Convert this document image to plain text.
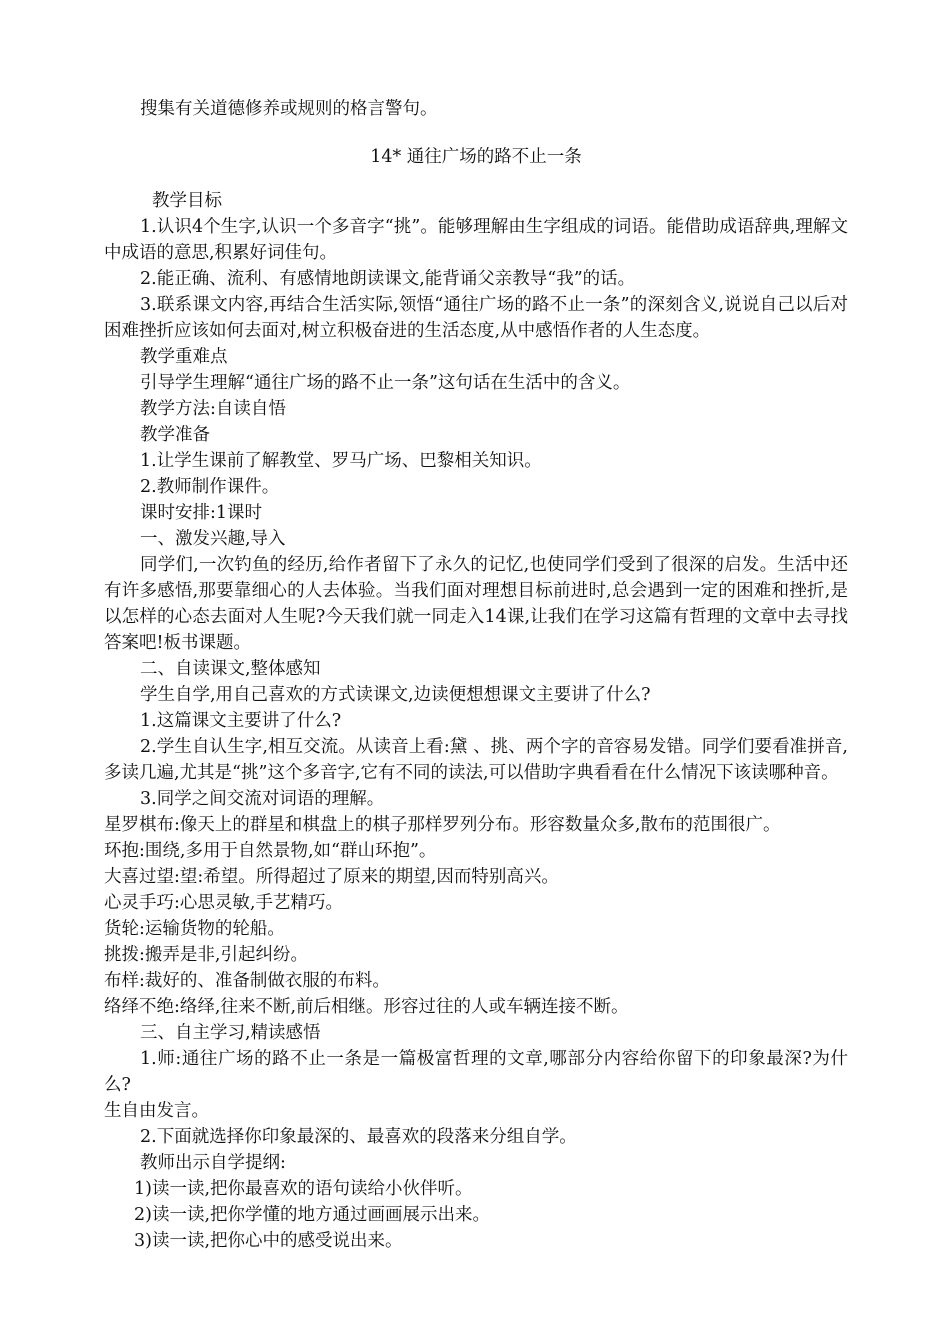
搜集有关道德修养或规则的格言警句。

14* 通往广场的路不止一条

教学目标

1.认识4个生字,认识一个多音字“挑”。能够理解由生字组成的词语。能借助成语辞典,理解文中成语的意思,积累好词佳句。

2.能正确、流利、有感情地朗读课文,能背诵父亲教导“我”的话。

3.联系课文内容,再结合生活实际,领悟“通往广场的路不止一条”的深刻含义,说说自己以后对困难挫折应该如何去面对,树立积极奋进的生活态度,从中感悟作者的人生态度。

教学重难点

引导学生理解“通往广场的路不止一条”这句话在生活中的含义。

教学方法:自读自悟

教学准备

1.让学生课前了解教堂、罗马广场、巴黎相关知识。

2.教师制作课件。

课时安排:1课时

一、激发兴趣,导入

同学们,一次钓鱼的经历,给作者留下了永久的记忆,也使同学们受到了很深的启发。生活中还有许多感悟,那要靠细心的人去体验。当我们面对理想目标前进时,总会遇到一定的困难和挫折,是以怎样的心态去面对人生呢?今天我们就一同走入14课,让我们在学习这篇有哲理的文章中去寻找答案吧!板书课题。

二、自读课文,整体感知

学生自学,用自己喜欢的方式读课文,边读便想想课文主要讲了什么?

1.这篇课文主要讲了什么?

2.学生自认生字,相互交流。从读音上看:黛 、挑、两个字的音容易发错。同学们要看准拼音,多读几遍,尤其是“挑”这个多音字,它有不同的读法,可以借助字典看看在什么情况下该读哪种音。

3.同学之间交流对词语的理解。

星罗棋布:像天上的群星和棋盘上的棋子那样罗列分布。形容数量众多,散布的范围很广。

环抱:围绕,多用于自然景物,如“群山环抱”。

大喜过望:望:希望。所得超过了原来的期望,因而特别高兴。

心灵手巧:心思灵敏,手艺精巧。

货轮:运输货物的轮船。

挑拨:搬弄是非,引起纠纷。

布样:裁好的、准备制做衣服的布料。

络绎不绝:络绎,往来不断,前后相继。形容过往的人或车辆连接不断。

三、自主学习,精读感悟

1.师:通往广场的路不止一条是一篇极富哲理的文章,哪部分内容给你留下的印象最深?为什么?

生自由发言。

2.下面就选择你印象最深的、最喜欢的段落来分组自学。

教师出示自学提纲:

1)读一读,把你最喜欢的语句读给小伙伴听。

2)读一读,把你学懂的地方通过画画展示出来。

3)读一读,把你心中的感受说出来。
